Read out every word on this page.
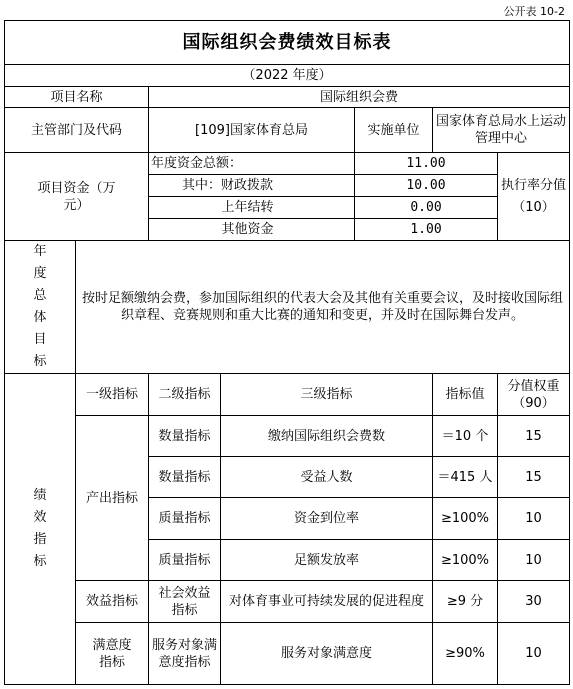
公开表 10-2
国际组织会费绩效目标表						
（2022 年度）						
项目名称		国际组织会费				
主管部门及代码		[109]国家体育总局		实施单位	国家体育总局水上运动管理中心	
项目资金（万元）		年度资金总额：		11.00		执行率分值（10）
		其中：财政拨款		10.00		
		上年结转		0.00		
		其他资金		1.00		
年度总体目标	按时足额缴纳会费，参加国际组织的代表大会及其他有关重要会议，及时接收国际组织章程、竞赛规则和重大比赛的通知和变更，并及时在国际舞台发声。					
绩效指标	一级指标	二级指标	三级指标		指标值	分值权重（90）
	产出指标	数量指标	缴纳国际组织会费数		＝10 个	15
		数量指标	受益人数		＝415 人	15
		质量指标	资金到位率		≥100%	10
		质量指标	足额发放率		≥100%	10
	效益指标	社会效益指标	对体育事业可持续发展的促进程度		≥9 分	30
	满意度指标	服务对象满意度指标	服务对象满意度		≥90%	10
